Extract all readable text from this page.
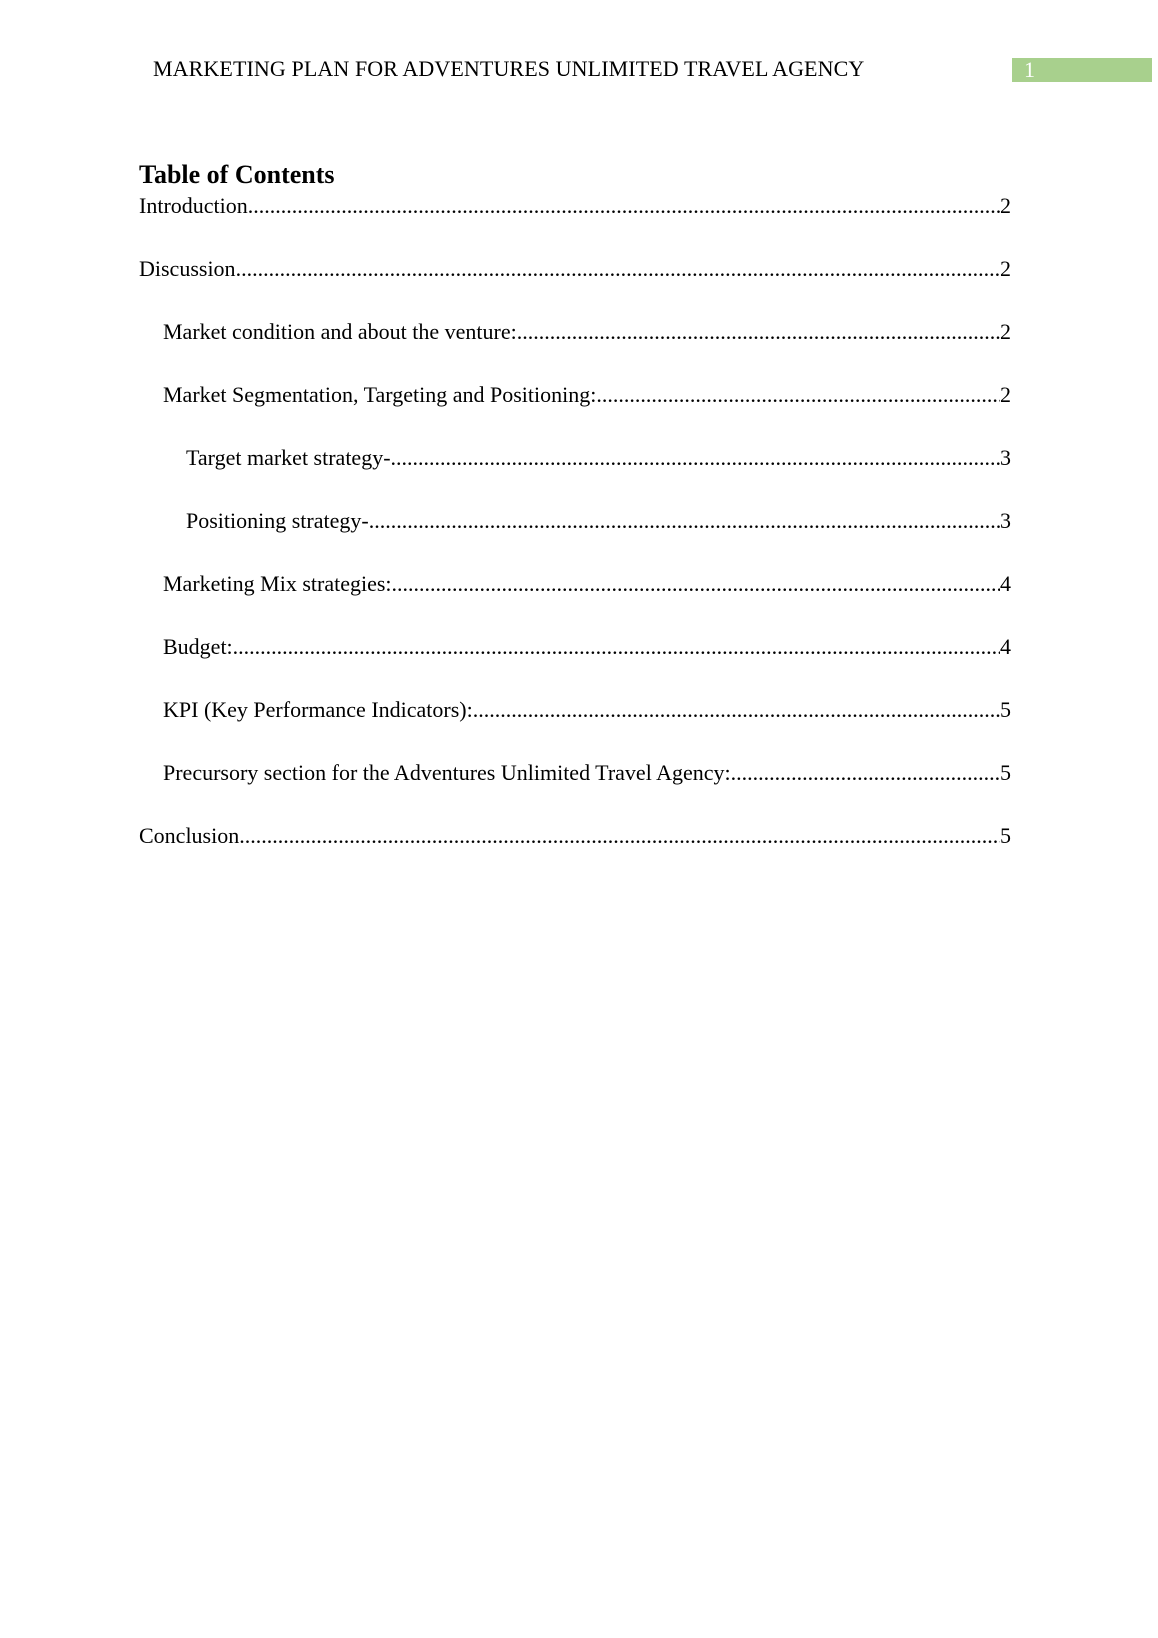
MARKETING PLAN FOR ADVENTURES UNLIMITED TRAVEL AGENCY	1
Table of Contents
Introduction .....	2
Discussion .....	2
Market condition and about the venture: .....	2
Market Segmentation, Targeting and Positioning: .....	2
Target market strategy- .....	3
Positioning strategy- .....	3
Marketing Mix strategies: .....	4
Budget: .....	4
KPI (Key Performance Indicators): .....	5
Precursory section for the Adventures Unlimited Travel Agency: .....	5
Conclusion .....	5
